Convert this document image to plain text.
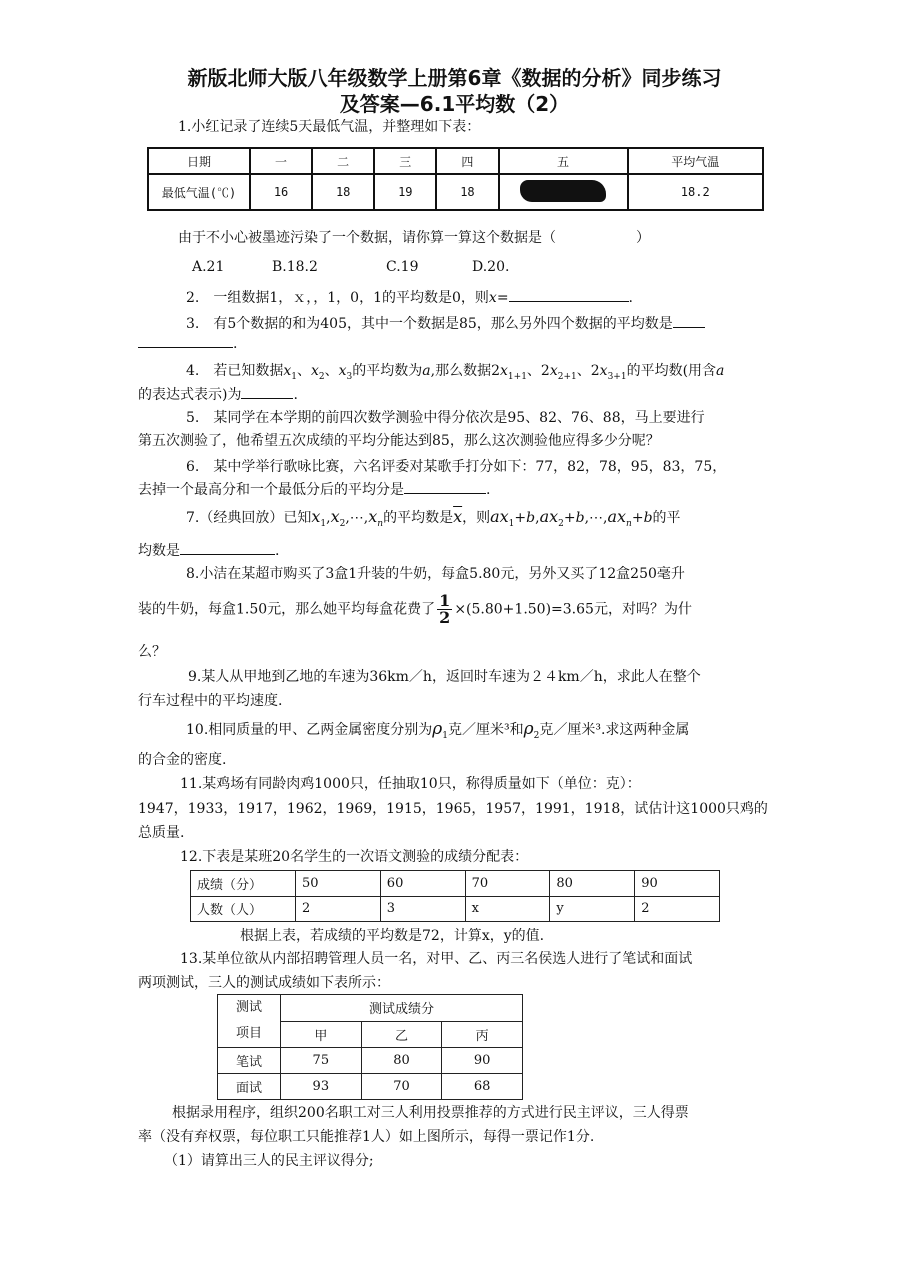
新版北师大版八年级数学上册第6章《数据的分析》同步练习
及答案—6.1平均数（2）
1.小红记录了连续5天最低气温，并整理如下表：
日期	一	二	三	四	五	平均气温
最低气温(℃)	16	18	19	18		18.2
由于不小心被墨迹污染了一个数据，请你算一算这个数据是（	）
A.21	B.18.2	C.19	D.20.
2.　一组数据1，ｘ，，1，0，1的平均数是0，则x=	.
3.　有5个数据的和为405，其中一个数据是85，那么另外四个数据的平均数是
.
4.　若已知数据$x_1$、$x_2$、$x_3$的平均数为a,那么数据$2x_{1+1}$、$2x_{2+1}$、$2x_{3+1}$的平均数(用含a
的表达式表示)为	.
5.　某同学在本学期的前四次数学测验中得分依次是95、82、76、88，马上要进行
第五次测验了，他希望五次成绩的平均分能达到85，那么这次测验他应得多少分呢？
6.　某中学举行歌咏比赛，六名评委对某歌手打分如下：77，82，78，95，83，75，
去掉一个最高分和一个最低分后的平均分是	.
7.（经典回放）已知$x_1,x_2,\cdots,x_n$的平均数是$\overline{x}$，则$ax_1+b,ax_2+b,\cdots,ax_n+b$的平
均数是	.
8.小洁在某超市购买了3盒1升装的牛奶，每盒5.80元，另外又买了12盒250毫升
装的牛奶，每盒1.50元，那么她平均每盒花费了 $\frac{1}{2} \times(5.80+1.50)=3.65$元，对吗？为什
么？
9.某人从甲地到乙地的车速为36km／h，返回时车速为２４km／h，求此人在整个
行车过程中的平均速度.
10.相同质量的甲、乙两金属密度分别为$\rho_1$克／厘米³和$\rho_2$克／厘米³.求这两种金属
的合金的密度.
11.某鸡场有同龄肉鸡1000只，任抽取10只，称得质量如下（单位：克）：
1947，1933，1917，1962，1969，1915，1965，1957，1991，1918，试估计这1000只鸡的
总质量.
12.下表是某班20名学生的一次语文测验的成绩分配表：
成绩（分）	50	60	70	80	90
人数（人）	2	3	x	y	2
根据上表，若成绩的平均数是72，计算x，y的值.
13.某单位欲从内部招聘管理人员一名，对甲、乙、丙三名侯选人进行了笔试和面试
两项测试，三人的测试成绩如下表所示：
测试
项目	测试成绩分		
	甲	乙	丙
笔试	75	80	90
面试	93	70	68
根据录用程序，组织200名职工对三人利用投票推荐的方式进行民主评议，三人得票
率（没有弃权票，每位职工只能推荐1人）如上图所示，每得一票记作1分.
（1）请算出三人的民主评议得分;
